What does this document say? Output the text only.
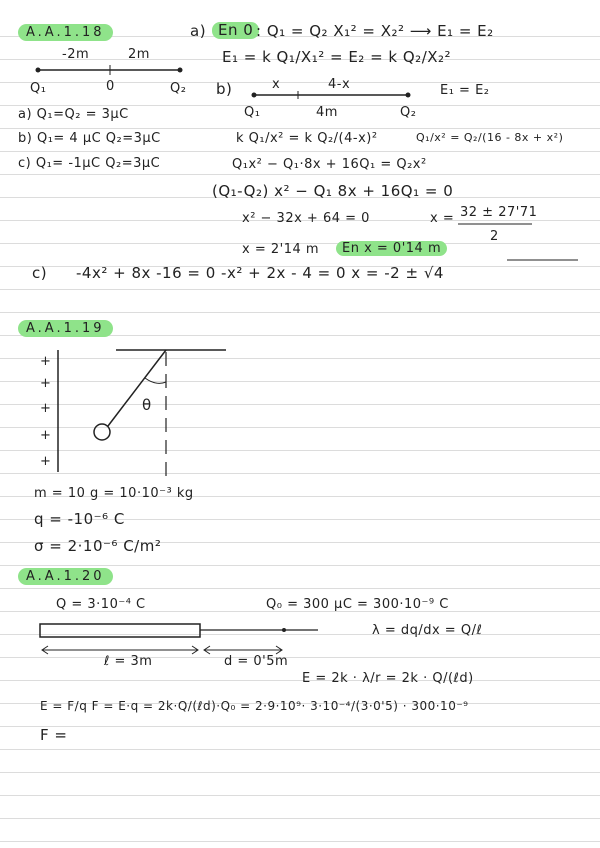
A.A.1.18
-2m	2m
0
Q₁	Q₂
a) Q₁=Q₂ = 3μC
b) Q₁= 4 μC Q₂=3μC
c) Q₁= -1μC Q₂=3μC
a) En 0 : Q₁ = Q₂ X₁² = X₂² ⟶ E₁ = E₂
E₁ = k Q₁/X₁² = E₂ = k Q₂/X₂²
b)	x	4-x
4m
Q₁	Q₂
E₁ = E₂
k Q₁/x² = k Q₂/(4-x)²	Q₁/x² = Q₂/(16 - 8x + x²)
Q₁x² − Q₁·8x + 16Q₁ = Q₂x²
(Q₁-Q₂) x² − Q₁ 8x + 16Q₁ = 0
x² − 32x + 64 = 0	x = 32 ± 27'71
2
x = 2'14 m	En x = 0'14 m
c) -4x² + 8x -16 = 0 -x² + 2x - 4 = 0 x = -2 ± √4
A.A.1.19
+
+
+
+
+
θ
m = 10 g = 10·10⁻³ kg
q = -10⁻⁶ C
σ = 2·10⁻⁶ C/m²
A.A.1.20
Q = 3·10⁻⁴ C	Q₀ = 300 μC = 300·10⁻⁹ C
λ = dq/dx = Q/ℓ
ℓ = 3m	d = 0'5m
E = 2k · λ/r = 2k · Q/(ℓd)
E = F/q F = E·q = 2k·Q/(ℓd)·Q₀ = 2·9·10⁹· 3·10⁻⁴/(3·0'5) · 300·10⁻⁹
F =
